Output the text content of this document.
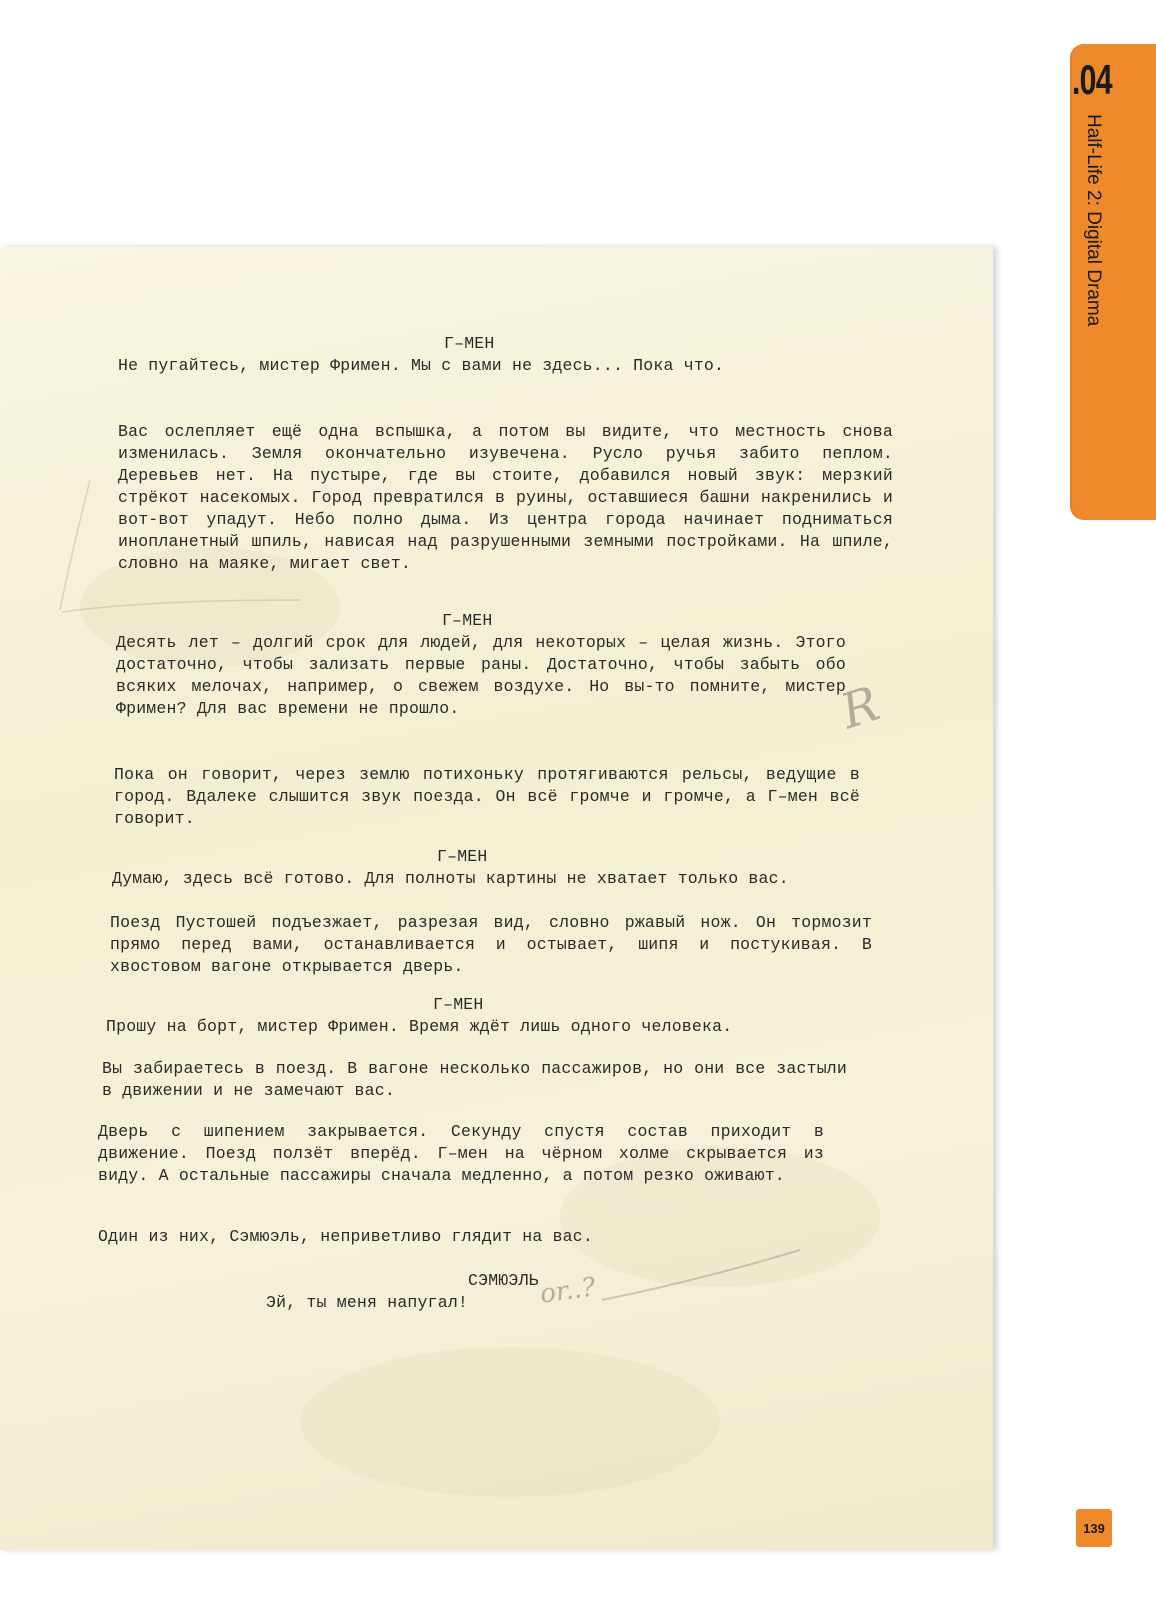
.04
Half-Life 2: Digital Drama
139
Г–МЕН
Не пугайтесь, мистер Фримен. Мы с вами не здесь... Пока что.
Вас ослепляет ещё одна вспышка, а потом вы видите, что местность снова изменилась. Земля окончательно изувечена. Русло ручья забито пеплом. Деревьев нет. На пустыре, где вы стоите, добавился новый звук: мерзкий стрёкот насекомых. Город превратился в руины, оставшиеся башни накренились и вот-вот упадут. Небо полно дыма. Из центра города начинает подниматься инопланетный шпиль, нависая над разрушенными земными постройками. На шпиле, словно на маяке, мигает свет.
Г–МЕН
Десять лет – долгий срок для людей, для некоторых – целая жизнь. Этого достаточно, чтобы зализать первые раны. Достаточно, чтобы забыть обо всяких мелочах, например, о свежем воздухе. Но вы-то помните, мистер Фримен? Для вас времени не прошло.
Пока он говорит, через землю потихоньку протягиваются рельсы, ведущие в город. Вдалеке слышится звук поезда. Он всё громче и громче, а Г–мен всё говорит.
Г–МЕН
Думаю, здесь всё готово. Для полноты картины не хватает только вас.
Поезд Пустошей подъезжает, разрезая вид, словно ржавый нож. Он тормозит прямо перед вами, останавливается и остывает, шипя и постукивая. В хвостовом вагоне открывается дверь.
Г–МЕН
Прошу на борт, мистер Фримен. Время ждёт лишь одного человека.
Вы забираетесь в поезд. В вагоне несколько пассажиров, но они все застыли в движении и не замечают вас.
Дверь с шипением закрывается. Секунду спустя состав приходит в движение. Поезд ползёт вперёд. Г–мен на чёрном холме скрывается из виду. А остальные пассажиры сначала медленно, а потом резко оживают.
Один из них, Сэмюэль, неприветливо глядит на вас.
СЭМЮЭЛЬ
Эй, ты меня напугал!
R
or..?
